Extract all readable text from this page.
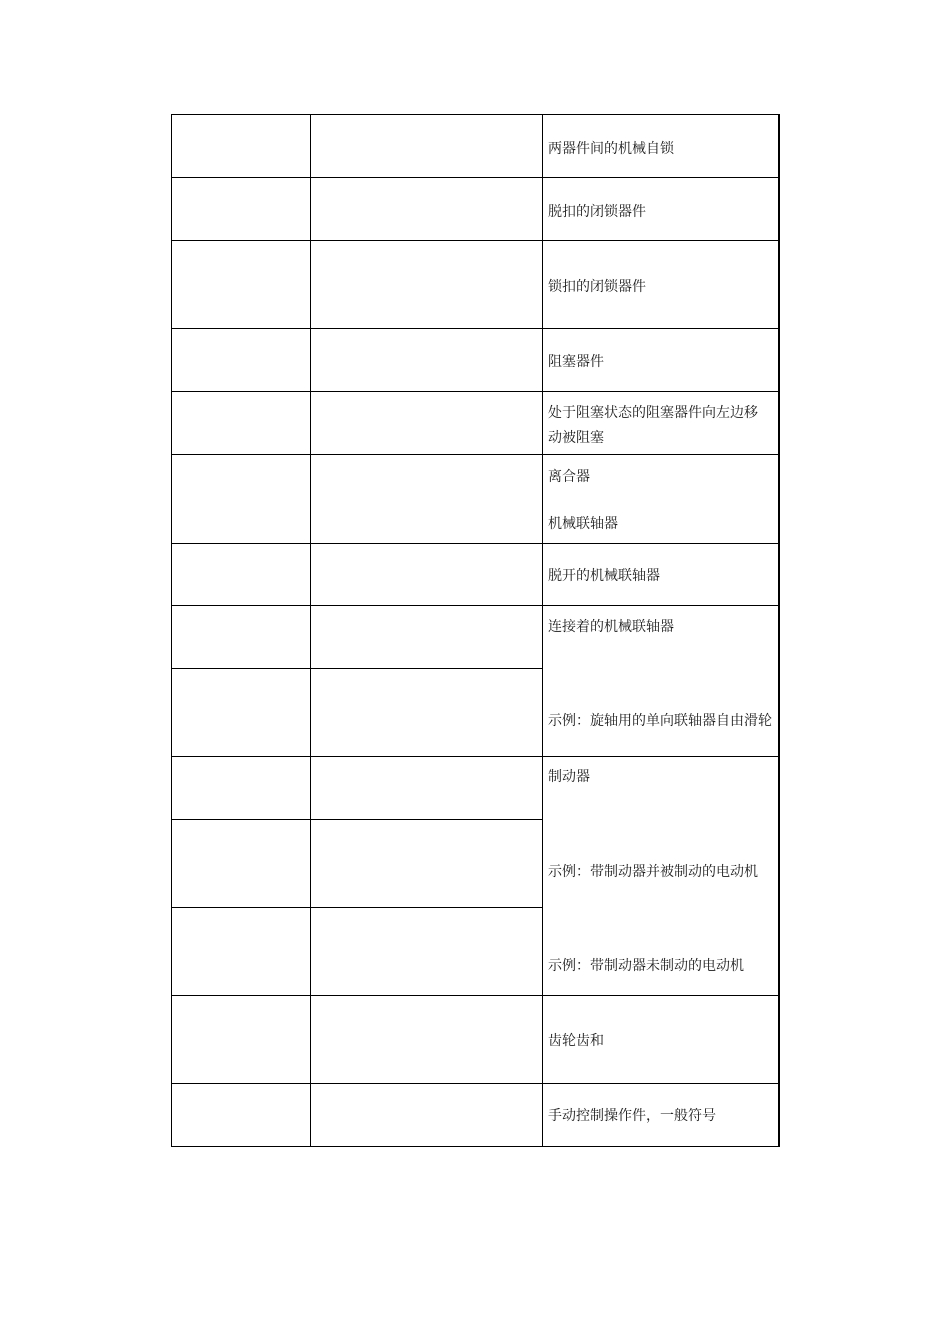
两器件间的机械自锁
脱扣的闭锁器件
锁扣的闭锁器件
阻塞器件
处于阻塞状态的阻塞器件向左边移动被阻塞
离合器
机械联轴器
脱开的机械联轴器
连接着的机械联轴器
示例：旋轴用的单向联轴器自由滑轮
制动器
示例：带制动器并被制动的电动机
示例：带制动器未制动的电动机
齿轮齿和
手动控制操作件，一般符号
